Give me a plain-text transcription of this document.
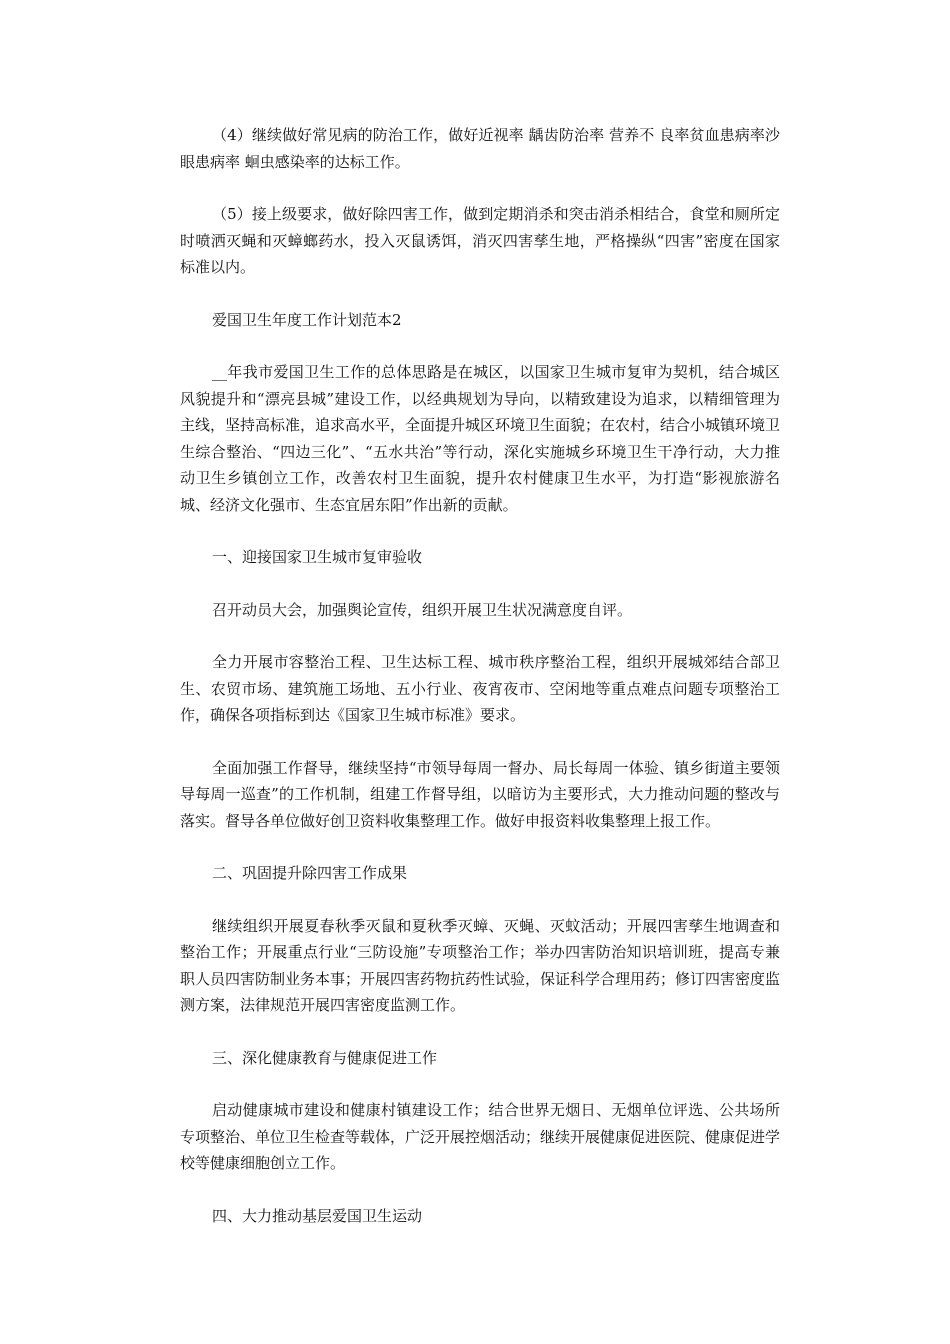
（4）继续做好常见病的防治工作，做好近视率 龋齿防治率 营养不 良率贫血患病率沙眼患病率 蛔虫感染率的达标工作。

（5）接上级要求，做好除四害工作，做到定期消杀和突击消杀相结合，食堂和厕所定时喷洒灭蝇和灭蟑螂药水，投入灭鼠诱饵，消灭四害孳生地，严格操纵“四害”密度在国家标准以内。

爱国卫生年度工作计划范本2

__年我市爱国卫生工作的总体思路是在城区，以国家卫生城市复审为契机，结合城区风貌提升和“漂亮县城”建设工作，以经典规划为导向，以精致建设为追求，以精细管理为主线，坚持高标准，追求高水平，全面提升城区环境卫生面貌；在农村，结合小城镇环境卫生综合整治、“四边三化”、“五水共治”等行动，深化实施城乡环境卫生干净行动，大力推动卫生乡镇创立工作，改善农村卫生面貌，提升农村健康卫生水平，为打造“影视旅游名城、经济文化强市、生态宜居东阳”作出新的贡献。

一、迎接国家卫生城市复审验收

召开动员大会，加强舆论宣传，组织开展卫生状况满意度自评。

全力开展市容整治工程、卫生达标工程、城市秩序整治工程，组织开展城郊结合部卫生、农贸市场、建筑施工场地、五小行业、夜宵夜市、空闲地等重点难点问题专项整治工作，确保各项指标到达《国家卫生城市标准》要求。

全面加强工作督导，继续坚持“市领导每周一督办、局长每周一体验、镇乡街道主要领导每周一巡查”的工作机制，组建工作督导组，以暗访为主要形式，大力推动问题的整改与落实。督导各单位做好创卫资料收集整理工作。做好申报资料收集整理上报工作。

二、巩固提升除四害工作成果

继续组织开展夏春秋季灭鼠和夏秋季灭蟑、灭蝇、灭蚊活动；开展四害孳生地调查和整治工作；开展重点行业“三防设施”专项整治工作；举办四害防治知识培训班，提高专兼职人员四害防制业务本事；开展四害药物抗药性试验，保证科学合理用药；修订四害密度监测方案，法律规范开展四害密度监测工作。

三、深化健康教育与健康促进工作

启动健康城市建设和健康村镇建设工作；结合世界无烟日、无烟单位评选、公共场所专项整治、单位卫生检查等载体，广泛开展控烟活动；继续开展健康促进医院、健康促进学校等健康细胞创立工作。

四、大力推动基层爱国卫生运动
